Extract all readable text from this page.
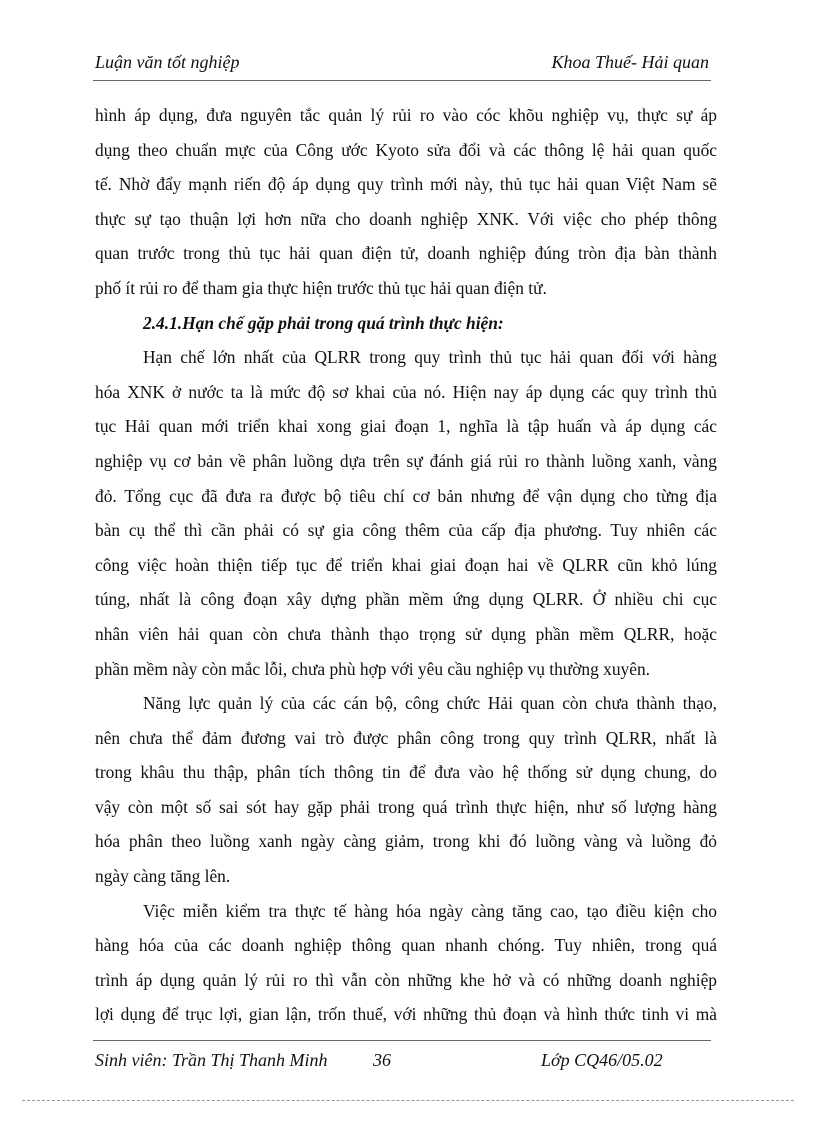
Luận văn tốt nghiệp	Khoa Thuế- Hải quan
hình áp dụng, đưa nguyên tắc quản lý rủi ro vào cóc khõu nghiệp vụ, thực sự áp
dụng theo chuẩn mực của Công ước Kyoto sửa đổi và các thông lệ hải quan quốc
tế. Nhờ đẩy mạnh riến độ áp dụng quy trình mới này, thủ tục hải quan Việt Nam sẽ
thực sự tạo thuận lợi hơn nữa cho doanh nghiệp XNK. Với việc cho phép thông
quan trước trong thủ tục hải quan điện tử, doanh nghiệp đúng tròn địa bàn thành
phố ít rủi ro để tham gia thực hiện trước thủ tục hải quan điện tử.
2.4.1.Hạn chế gặp phải trong quá trình thực hiện:
Hạn chế lớn nhất của QLRR trong quy trình thủ tục hải quan đối với hàng
hóa XNK ở nước ta là mức độ sơ khai của nó. Hiện nay áp dụng các quy trình thủ
tục Hải quan mới triển khai xong giai đoạn 1, nghĩa là tập huấn và áp dụng các
nghiệp vụ cơ bản về phân luồng dựa trên sự đánh giá rủi ro thành luồng xanh, vàng
đỏ. Tổng cục đã đưa ra được bộ tiêu chí cơ bản nhưng để vận dụng cho từng địa
bàn cụ thể thì cần phải có sự gia công thêm của cấp địa phương. Tuy nhiên các
công việc hoàn thiện tiếp tục để triển khai giai đoạn hai về QLRR cũn khỏ lúng
túng, nhất là công đoạn xây dựng phần mềm ứng dụng QLRR. Ở nhiều chi cục
nhân viên hải quan còn chưa thành thạo trọng sử dụng phần mềm QLRR, hoặc
phần mềm này còn mắc lỗi, chưa phù hợp với yêu cầu nghiệp vụ thường xuyên.
Năng lực quản lý của các cán bộ, công chức Hải quan còn chưa thành thạo,
nên chưa thể đảm đương vai trò được phân công trong quy trình QLRR, nhất là
trong khâu thu thập, phân tích thông tin để đưa vào hệ thống sử dụng chung, do
vậy còn một số sai sót hay gặp phải trong quá trình thực hiện, như số lượng hàng
hóa phân theo luồng xanh ngày càng giảm, trong khi đó luồng vàng và luồng đỏ
ngày càng tăng lên.
Việc miễn kiểm tra thực tế hàng hóa ngày càng tăng cao, tạo điều kiện cho
hàng hóa của các doanh nghiệp thông quan nhanh chóng. Tuy nhiên, trong quá
trình áp dụng quản lý rủi ro thì vẫn còn những khe hở và có những doanh nghiệp
lợi dụng để trục lợi, gian lận, trốn thuế, với những thủ đoạn và hình thức tinh vi mà
Sinh viên: Trần Thị Thanh Minh	36	Lớp CQ46/05.02
